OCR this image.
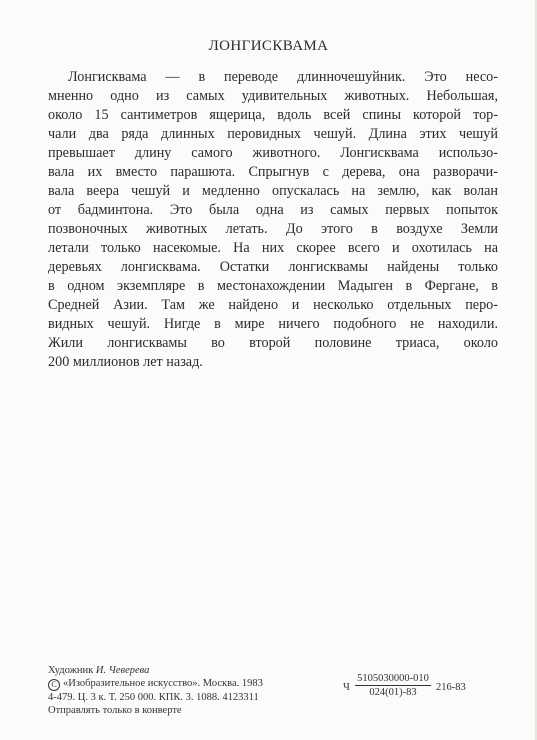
ЛОНГИСКВАМА
Лонгисквама — в переводе длинночешуйник. Это несо-
мненно одно из самых удивительных животных. Небольшая,
около 15 сантиметров ящерица, вдоль всей спины которой тор-
чали два ряда длинных перовидных чешуй. Длина этих чешуй
превышает длину самого животного. Лонгисквама использо-
вала их вместо парашюта. Спрыгнув с дерева, она разворачи-
вала веера чешуй и медленно опускалась на землю, как волан
от бадминтона. Это была одна из самых первых попыток
позвоночных животных летать. До этого в воздухе Земли
летали только насекомые. На них скорее всего и охотилась на
деревьях лонгисквама. Остатки лонгисквамы найдены только
в одном экземпляре в местонахождении Мадыген в Фергане, в
Средней Азии. Там же найдено и несколько отдельных перо-
видных чешуй. Нигде в мире ничего подобного не находили.
Жили лонгисквамы во второй половине триаса, около
200 миллионов лет назад.
Художник И. Чеверева
C «Изобразительное искусство». Москва. 1983
4-479. Ц. 3 к. Т. 250 000. КПК. 3. 1088. 4123311
Отправлять только в конверте
Ч $\frac{5105030000-010}{024(01)-83} 216-83$
